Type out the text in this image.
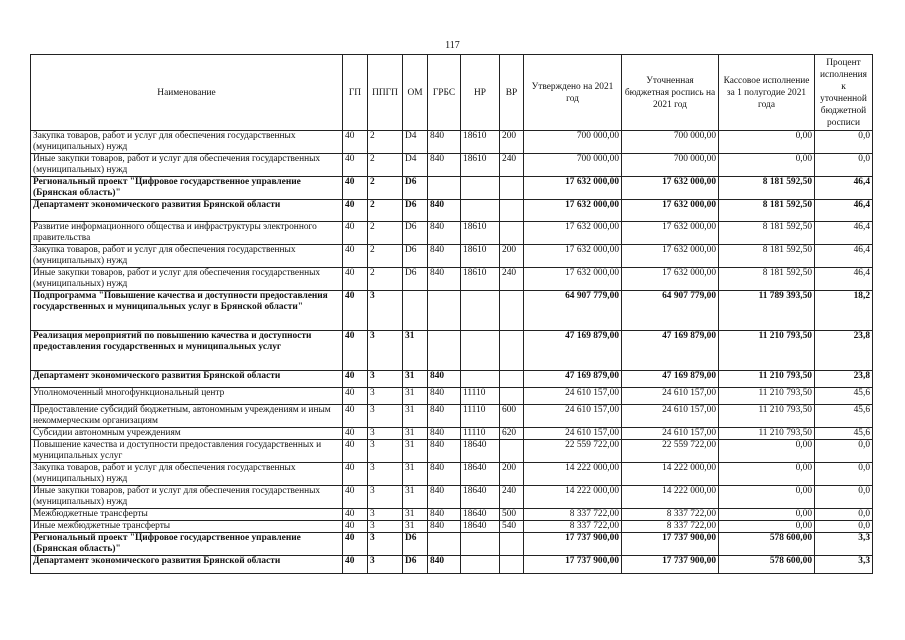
117
Наименование	ГП	ППГП	ОМ	ГРБС	НР	ВР	Утверждено на 2021 год	Уточненная бюджетная роспись на 2021 год	Кассовое исполнение за 1 полугодие 2021 года	Процент исполнения к уточненной бюджетной росписи
Закупка товаров, работ и услуг для обеспечения государственных (муниципальных) нужд	40	2	D4	840	18610	200	700 000,00	700 000,00	0,00	0,0
Иные закупки товаров, работ и услуг для обеспечения государственных (муниципальных) нужд	40	2	D4	840	18610	240	700 000,00	700 000,00	0,00	0,0
Региональный проект "Цифровое государственное управление (Брянская область)"	40	2	D6				17 632 000,00	17 632 000,00	8 181 592,50	46,4
Департамент экономического развития Брянской области	40	2	D6	840			17 632 000,00	17 632 000,00	8 181 592,50	46,4
Развитие информационного общества и инфраструктуры электронного правительства	40	2	D6	840	18610		17 632 000,00	17 632 000,00	8 181 592,50	46,4
Закупка товаров, работ и услуг для обеспечения государственных (муниципальных) нужд	40	2	D6	840	18610	200	17 632 000,00	17 632 000,00	8 181 592,50	46,4
Иные закупки товаров, работ и услуг для обеспечения государственных (муниципальных) нужд	40	2	D6	840	18610	240	17 632 000,00	17 632 000,00	8 181 592,50	46,4
Подпрограмма "Повышение качества и доступности предоставления государственных и муниципальных услуг в Брянской области"	40	3					64 907 779,00	64 907 779,00	11 789 393,50	18,2
Реализация мероприятий по повышению качества и доступности предоставления государственных и муниципальных услуг	40	3	31				47 169 879,00	47 169 879,00	11 210 793,50	23,8
Департамент экономического развития Брянской области	40	3	31	840			47 169 879,00	47 169 879,00	11 210 793,50	23,8
Уполномоченный многофункциональный центр	40	3	31	840	11110		24 610 157,00	24 610 157,00	11 210 793,50	45,6
Предоставление субсидий бюджетным, автономным учреждениям и иным некоммерческим организациям	40	3	31	840	11110	600	24 610 157,00	24 610 157,00	11 210 793,50	45,6
Субсидии автономным учреждениям	40	3	31	840	11110	620	24 610 157,00	24 610 157,00	11 210 793,50	45,6
Повышение качества и доступности предоставления государственных и муниципальных услуг	40	3	31	840	18640		22 559 722,00	22 559 722,00	0,00	0,0
Закупка товаров, работ и услуг для обеспечения государственных (муниципальных) нужд	40	3	31	840	18640	200	14 222 000,00	14 222 000,00	0,00	0,0
Иные закупки товаров, работ и услуг для обеспечения государственных (муниципальных) нужд	40	3	31	840	18640	240	14 222 000,00	14 222 000,00	0,00	0,0
Межбюджетные трансферты	40	3	31	840	18640	500	8 337 722,00	8 337 722,00	0,00	0,0
Иные межбюджетные трансферты	40	3	31	840	18640	540	8 337 722,00	8 337 722,00	0,00	0,0
Региональный проект "Цифровое государственное управление (Брянская область)"	40	3	D6				17 737 900,00	17 737 900,00	578 600,00	3,3
Департамент экономического развития Брянской области	40	3	D6	840			17 737 900,00	17 737 900,00	578 600,00	3,3
